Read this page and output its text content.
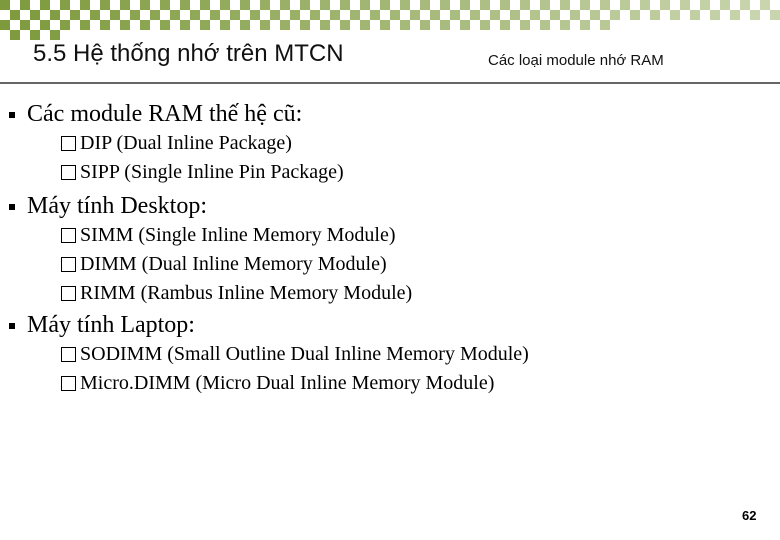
5.5 Hệ thống nhớ trên MTCN	Các loại module nhớ RAM
Các module RAM thế hệ cũ:
DIP (Dual Inline Package)
SIPP (Single Inline Pin Package)
Máy tính Desktop:
SIMM (Single Inline Memory Module)
DIMM (Dual Inline Memory Module)
RIMM (Rambus Inline Memory Module)
Máy tính Laptop:
SODIMM (Small Outline Dual Inline Memory Module)
Micro.DIMM (Micro Dual Inline Memory Module)
62
